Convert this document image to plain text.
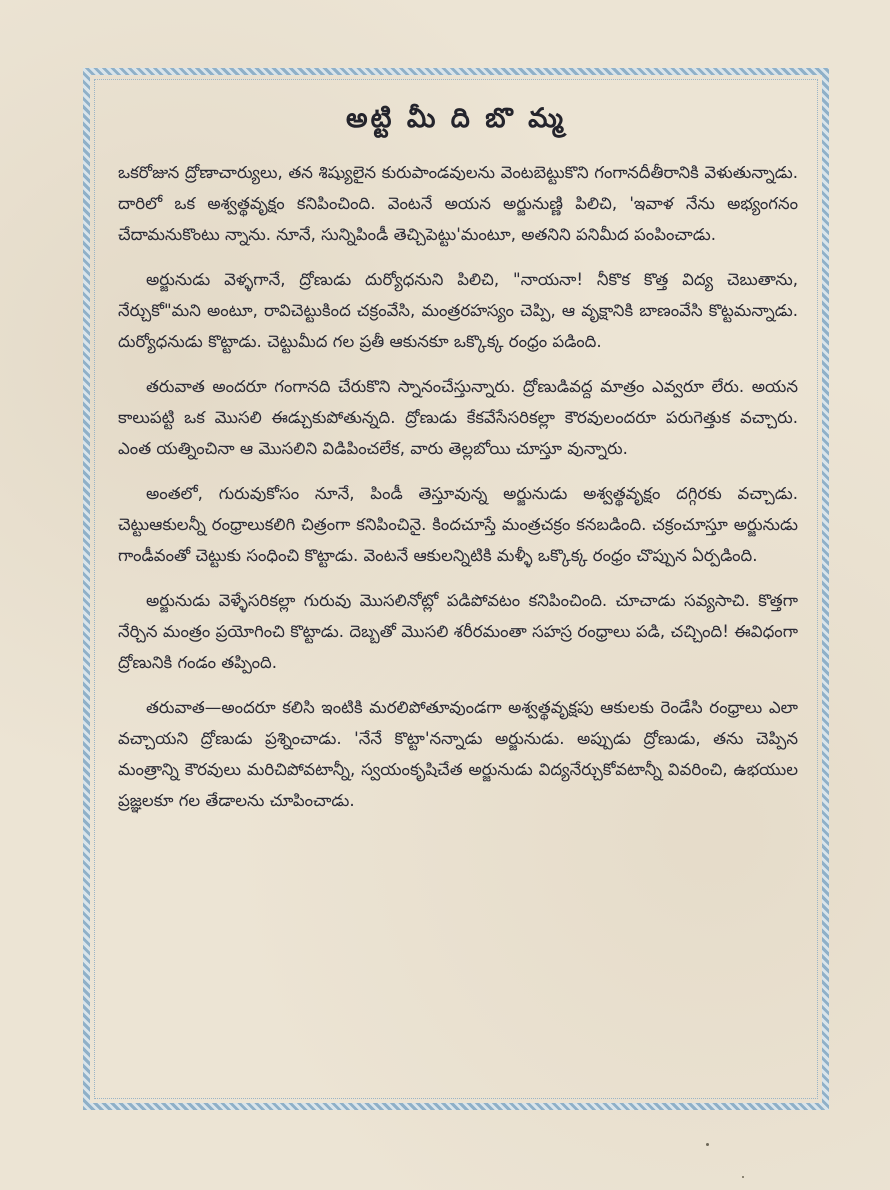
అట్టి మీ ది బొ మ్మ

ఒకరోజున ద్రోణాచార్యులు, తన శిష్యులైన కురుపాండవులను వెంటబెట్టుకొని గంగానదీతీరానికి వెళుతున్నాడు. దారిలో ఒక అశ్వత్థవృక్షం కనిపించింది. వెంటనే అయన అర్జునుణ్ణి పిలిచి, 'ఇవాళ నేను అభ్యంగనం చేదామనుకొంటు న్నాను. నూనే, సున్నిపిండీ తెచ్చిపెట్టు'మంటూ, అతనిని పనిమీద పంపించాడు.

అర్జునుడు వెళ్ళగానే, ద్రోణుడు దుర్యోధనుని పిలిచి, "నాయనా! నీకొక కొత్త విద్య చెబుతాను, నేర్చుకో"మని అంటూ, రావిచెట్టుకింద చక్రంవేసి, మంత్రరహస్యం చెప్పి, ఆ వృక్షానికి బాణంవేసి కొట్టమన్నాడు. దుర్యోధనుడు కొట్టాడు. చెట్టుమీద గల ప్రతీ ఆకునకూ ఒక్కొక్క రంధ్రం పడింది.

తరువాత అందరూ గంగానది చేరుకొని స్నానంచేస్తున్నారు. ద్రోణుడివద్ద మాత్రం ఎవ్వరూ లేరు. అయన కాలుపట్టి ఒక మొసలి ఈడ్చుకుపోతున్నది. ద్రోణుడు కేకవేసేసరికల్లా కౌరవులందరూ పరుగెత్తుక వచ్చారు. ఎంత యత్నించినా ఆ మొసలిని విడిపించలేక, వారు తెల్లబోయి చూస్తూ వున్నారు.

అంతలో, గురువుకోసం నూనే, పిండీ తెస్తూవున్న అర్జునుడు అశ్వత్థవృక్షం దగ్గిరకు వచ్చాడు. చెట్టుఆకులన్నీ రంధ్రాలుకలిగి చిత్రంగా కనిపించినై. కిందచూస్తే మంత్రచక్రం కనబడింది. చక్రంచూస్తూ అర్జునుడు గాండీవంతో చెట్టుకు సంధించి కొట్టాడు. వెంటనే ఆకులన్నిటికి మళ్ళీ ఒక్కొక్క రంధ్రం చొప్పున ఏర్పడింది.

అర్జునుడు వెళ్ళేసరికల్లా గురువు మొసలినోట్లో పడిపోవటం కనిపించింది. చూచాడు సవ్యసాచి. కొత్తగా నేర్చిన మంత్రం ప్రయోగించి కొట్టాడు. దెబ్బతో మొసలి శరీరమంతా సహస్ర రంధ్రాలు పడి, చచ్చింది! ఈవిధంగా ద్రోణునికి గండం తప్పింది.

తరువాత—అందరూ కలిసి ఇంటికి మరలిపోతూవుండగా అశ్వత్థవృక్షపు ఆకులకు రెండేసి రంధ్రాలు ఎలా వచ్చాయని ద్రోణుడు ప్రశ్నించాడు. 'నేనే కొట్టా'నన్నాడు అర్జునుడు. అప్పుడు ద్రోణుడు, తను చెప్పిన మంత్రాన్ని కౌరవులు మరిచిపోవటాన్నీ, స్వయంకృషిచేత అర్జునుడు విద్యనేర్చుకోవటాన్నీ వివరించి, ఉభయుల ప్రజ్ఞలకూ గల తేడాలను చూపించాడు.
